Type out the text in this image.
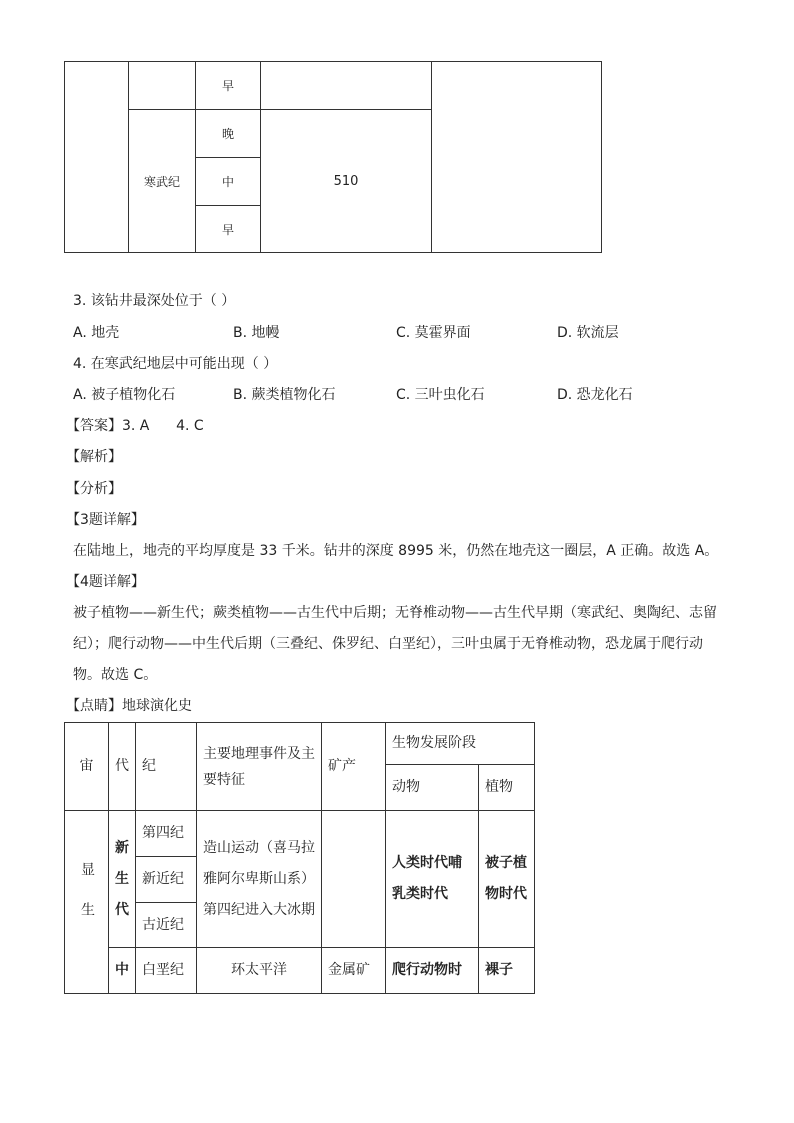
		早		
	寒武纪	晚	510	
		中		
		早		
3. 该钻井最深处位于（ ）
A. 地壳	B. 地幔	C. 莫霍界面	D. 软流层
4. 在寒武纪地层中可能出现（ ）
A. 被子植物化石	B. 蕨类植物化石	C. 三叶虫化石	D. 恐龙化石
【答案】3. A      4. C
【解析】
【分析】
【3题详解】
在陆地上，地壳的平均厚度是 33 千米。钻井的深度 8995 米，仍然在地壳这一圈层，A 正确。故选 A。
【4题详解】
被子植物——新生代；蕨类植物——古生代中后期；无脊椎动物——古生代早期（寒武纪、奥陶纪、志留纪）；爬行动物——中生代后期（三叠纪、侏罗纪、白垩纪），三叶虫属于无脊椎动物，恐龙属于爬行动物。故选 C。
【点睛】地球演化史
宙	代	纪	主要地理事件及主要特征	矿产	生物发展阶段	
					动物	植物
显生	新生代	第四纪	造山运动（喜马拉雅阿尔卑斯山系）第四纪进入大冰期		人类时代哺乳类时代	被子植物时代
		新近纪				
		古近纪				
	中	白垩纪	环太平洋	金属矿	爬行动物时	裸子
